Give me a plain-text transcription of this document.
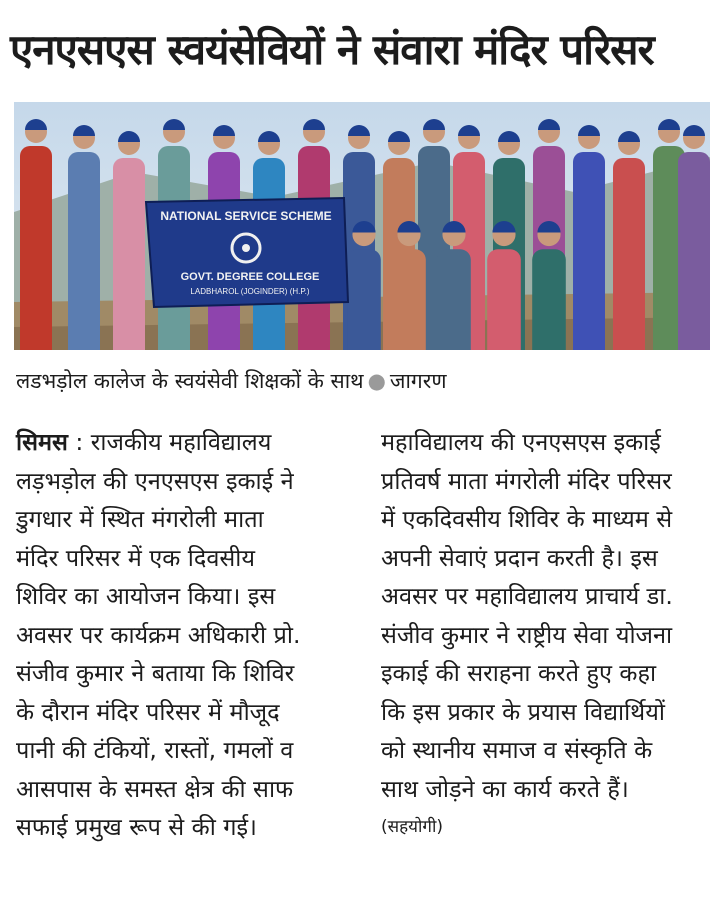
एनएसएस स्वयंसेवियों ने संवारा मंदिर परिसर
NATIONAL SERVICE SCHEME
GOVT. DEGREE COLLEGE
LADBHAROL (JOGINDER) (H.P.)
लडभड़ोल कालेज के स्वयंसेवी शिक्षकों के साथ ● जागरण
सिमस : राजकीय महाविद्यालय
लड़भड़ोल की एनएसएस इकाई ने
डुगधार में स्थित मंगरोली माता
मंदिर परिसर में एक दिवसीय
शिविर का आयोजन किया। इस
अवसर पर कार्यक्रम अधिकारी प्रो.
संजीव कुमार ने बताया कि शिविर
के दौरान मंदिर परिसर में मौजूद
पानी की टंकियों, रास्तों, गमलों व
आसपास के समस्त क्षेत्र की साफ
सफाई प्रमुख रूप से की गई।
महाविद्यालय की एनएसएस इकाई
प्रतिवर्ष माता मंगरोली मंदिर परिसर
में एकदिवसीय शिविर के माध्यम से
अपनी सेवाएं प्रदान करती है। इस
अवसर पर महाविद्यालय प्राचार्य डा.
संजीव कुमार ने राष्ट्रीय सेवा योजना
इकाई की सराहना करते हुए कहा
कि इस प्रकार के प्रयास विद्यार्थियों
को स्थानीय समाज व संस्कृति के
साथ जोड़ने का कार्य करते हैं।
(सहयोगी)
